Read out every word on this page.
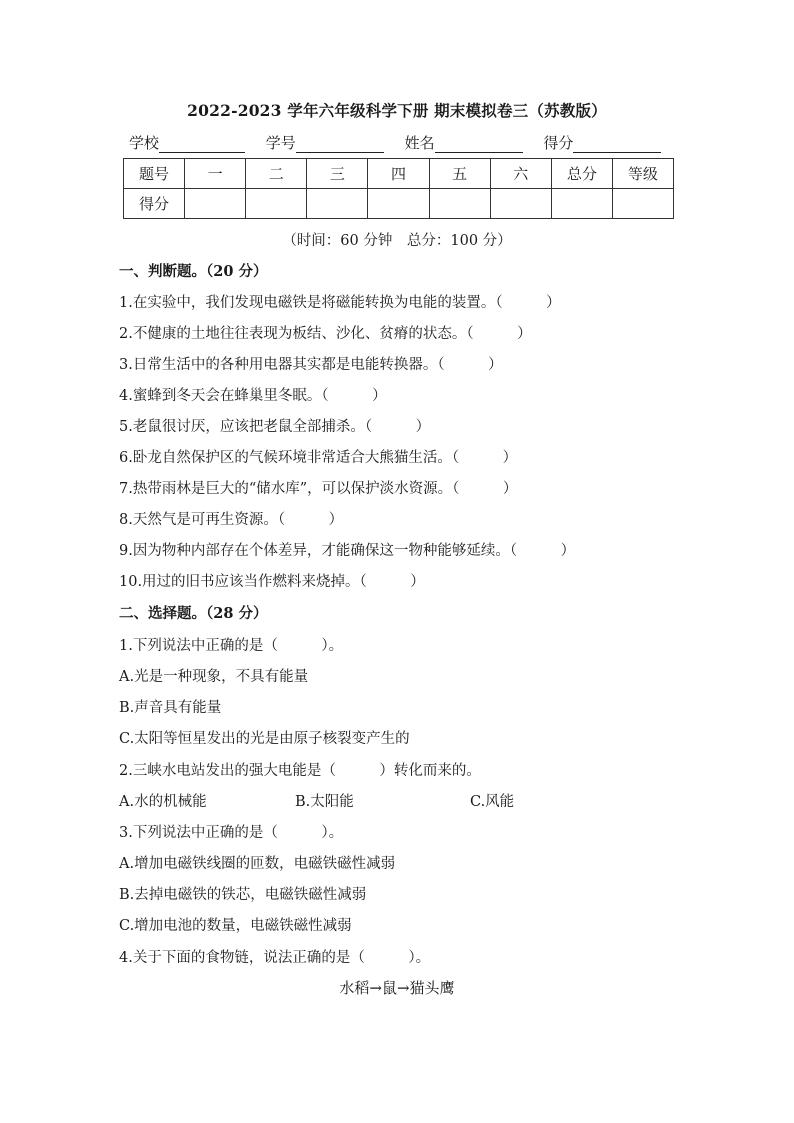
2022-2023 学年六年级科学下册 期末模拟卷三（苏教版）
学校	学号	姓名	得分
题号	一	二	三	四	五	六	总分	等级
得分								
（时间：60 分钟　总分：100 分）
一、判断题。（20 分）
1.在实验中，我们发现电磁铁是将磁能转换为电能的装置。（　　　）
2.不健康的土地往往表现为板结、沙化、贫瘠的状态。（　　　）
3.日常生活中的各种用电器其实都是电能转换器。（　　　）
4.蜜蜂到冬天会在蜂巢里冬眠。（　　　）
5.老鼠很讨厌，应该把老鼠全部捕杀。（　　　）
6.卧龙自然保护区的气候环境非常适合大熊猫生活。（　　　）
7.热带雨林是巨大的“储水库”，可以保护淡水资源。（　　　）
8.天然气是可再生资源。（　　　）
9.因为物种内部存在个体差异，才能确保这一物种能够延续。（　　　）
10.用过的旧书应该当作燃料来烧掉。（　　　）
二、选择题。（28 分）
1.下列说法中正确的是（　　　）。
A.光是一种现象，不具有能量
B.声音具有能量
C.太阳等恒星发出的光是由原子核裂变产生的
2.三峡水电站发出的强大电能是（　　　）转化而来的。
A.水的机械能	B.太阳能	C.风能
3.下列说法中正确的是（　　　）。
A.增加电磁铁线圈的匝数，电磁铁磁性减弱
B.去掉电磁铁的铁芯，电磁铁磁性减弱
C.增加电池的数量，电磁铁磁性减弱
4.关于下面的食物链，说法正确的是（　　　）。
水稻→鼠→猫头鹰
